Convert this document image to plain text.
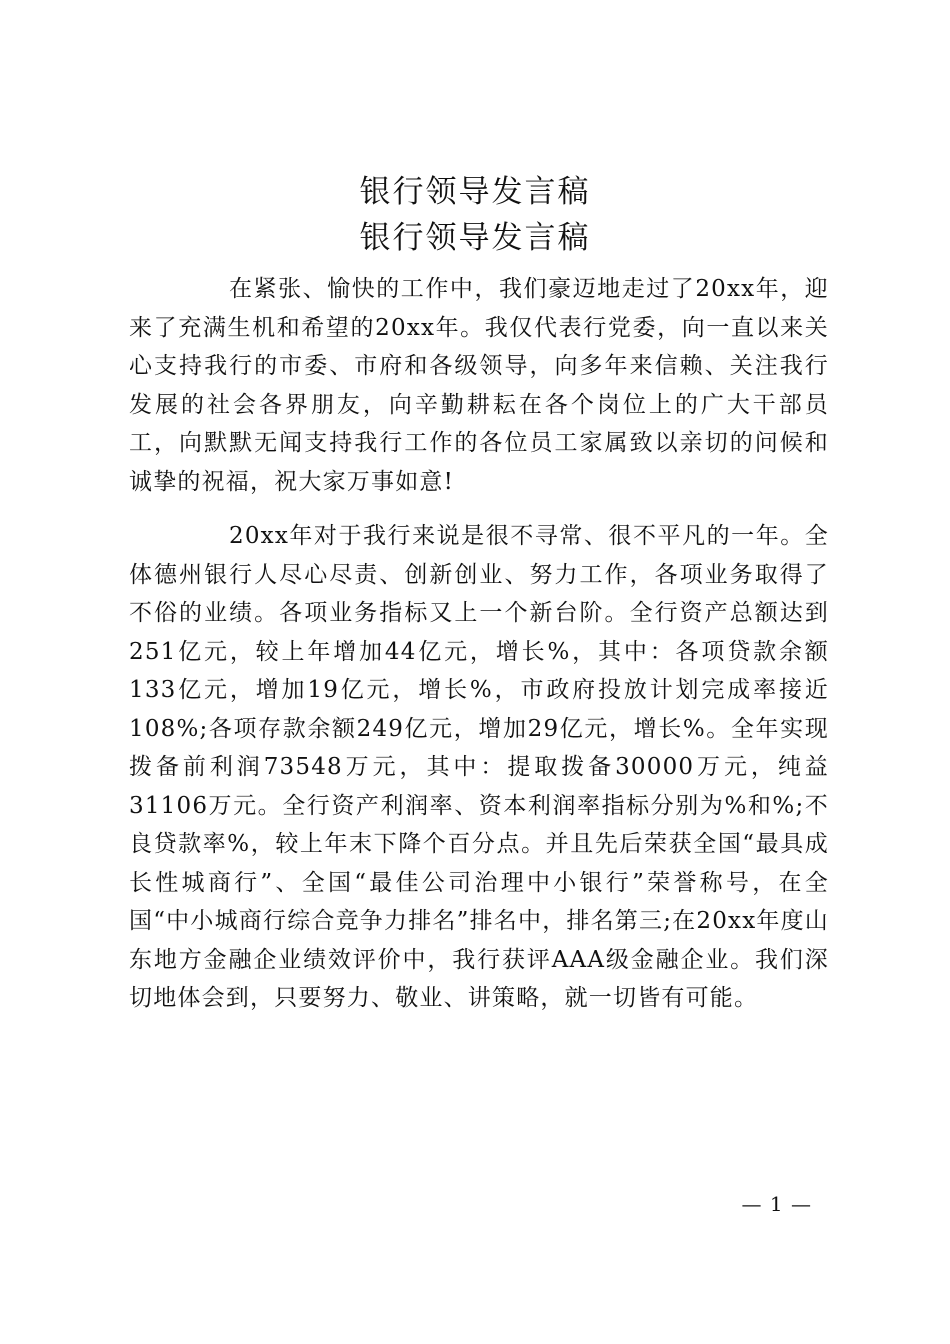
银行领导发言稿
银行领导发言稿

在紧张、愉快的工作中，我们豪迈地走过了20xx年，迎来了充满生机和希望的20xx年。我仅代表行党委，向一直以来关心支持我行的市委、市府和各级领导，向多年来信赖、关注我行发展的社会各界朋友，向辛勤耕耘在各个岗位上的广大干部员工，向默默无闻支持我行工作的各位员工家属致以亲切的问候和诚挚的祝福，祝大家万事如意!

20xx年对于我行来说是很不寻常、很不平凡的一年。全体德州银行人尽心尽责、创新创业、努力工作，各项业务取得了不俗的业绩。各项业务指标又上一个新台阶。全行资产总额达到251亿元，较上年增加44亿元，增长%，其中：各项贷款余额133亿元，增加19亿元，增长%，市政府投放计划完成率接近108%;各项存款余额249亿元，增加29亿元，增长%。全年实现拨备前利润73548万元，其中：提取拨备30000万元，纯益31106万元。全行资产利润率、资本利润率指标分别为%和%;不良贷款率%，较上年末下降个百分点。并且先后荣获全国“最具成长性城商行”、全国“最佳公司治理中小银行”荣誉称号，在全国“中小城商行综合竞争力排名”排名中，排名第三;在20xx年度山东地方金融企业绩效评价中，我行获评AAA级金融企业。我们深切地体会到，只要努力、敬业、讲策略，就一切皆有可能。

— 1 —
